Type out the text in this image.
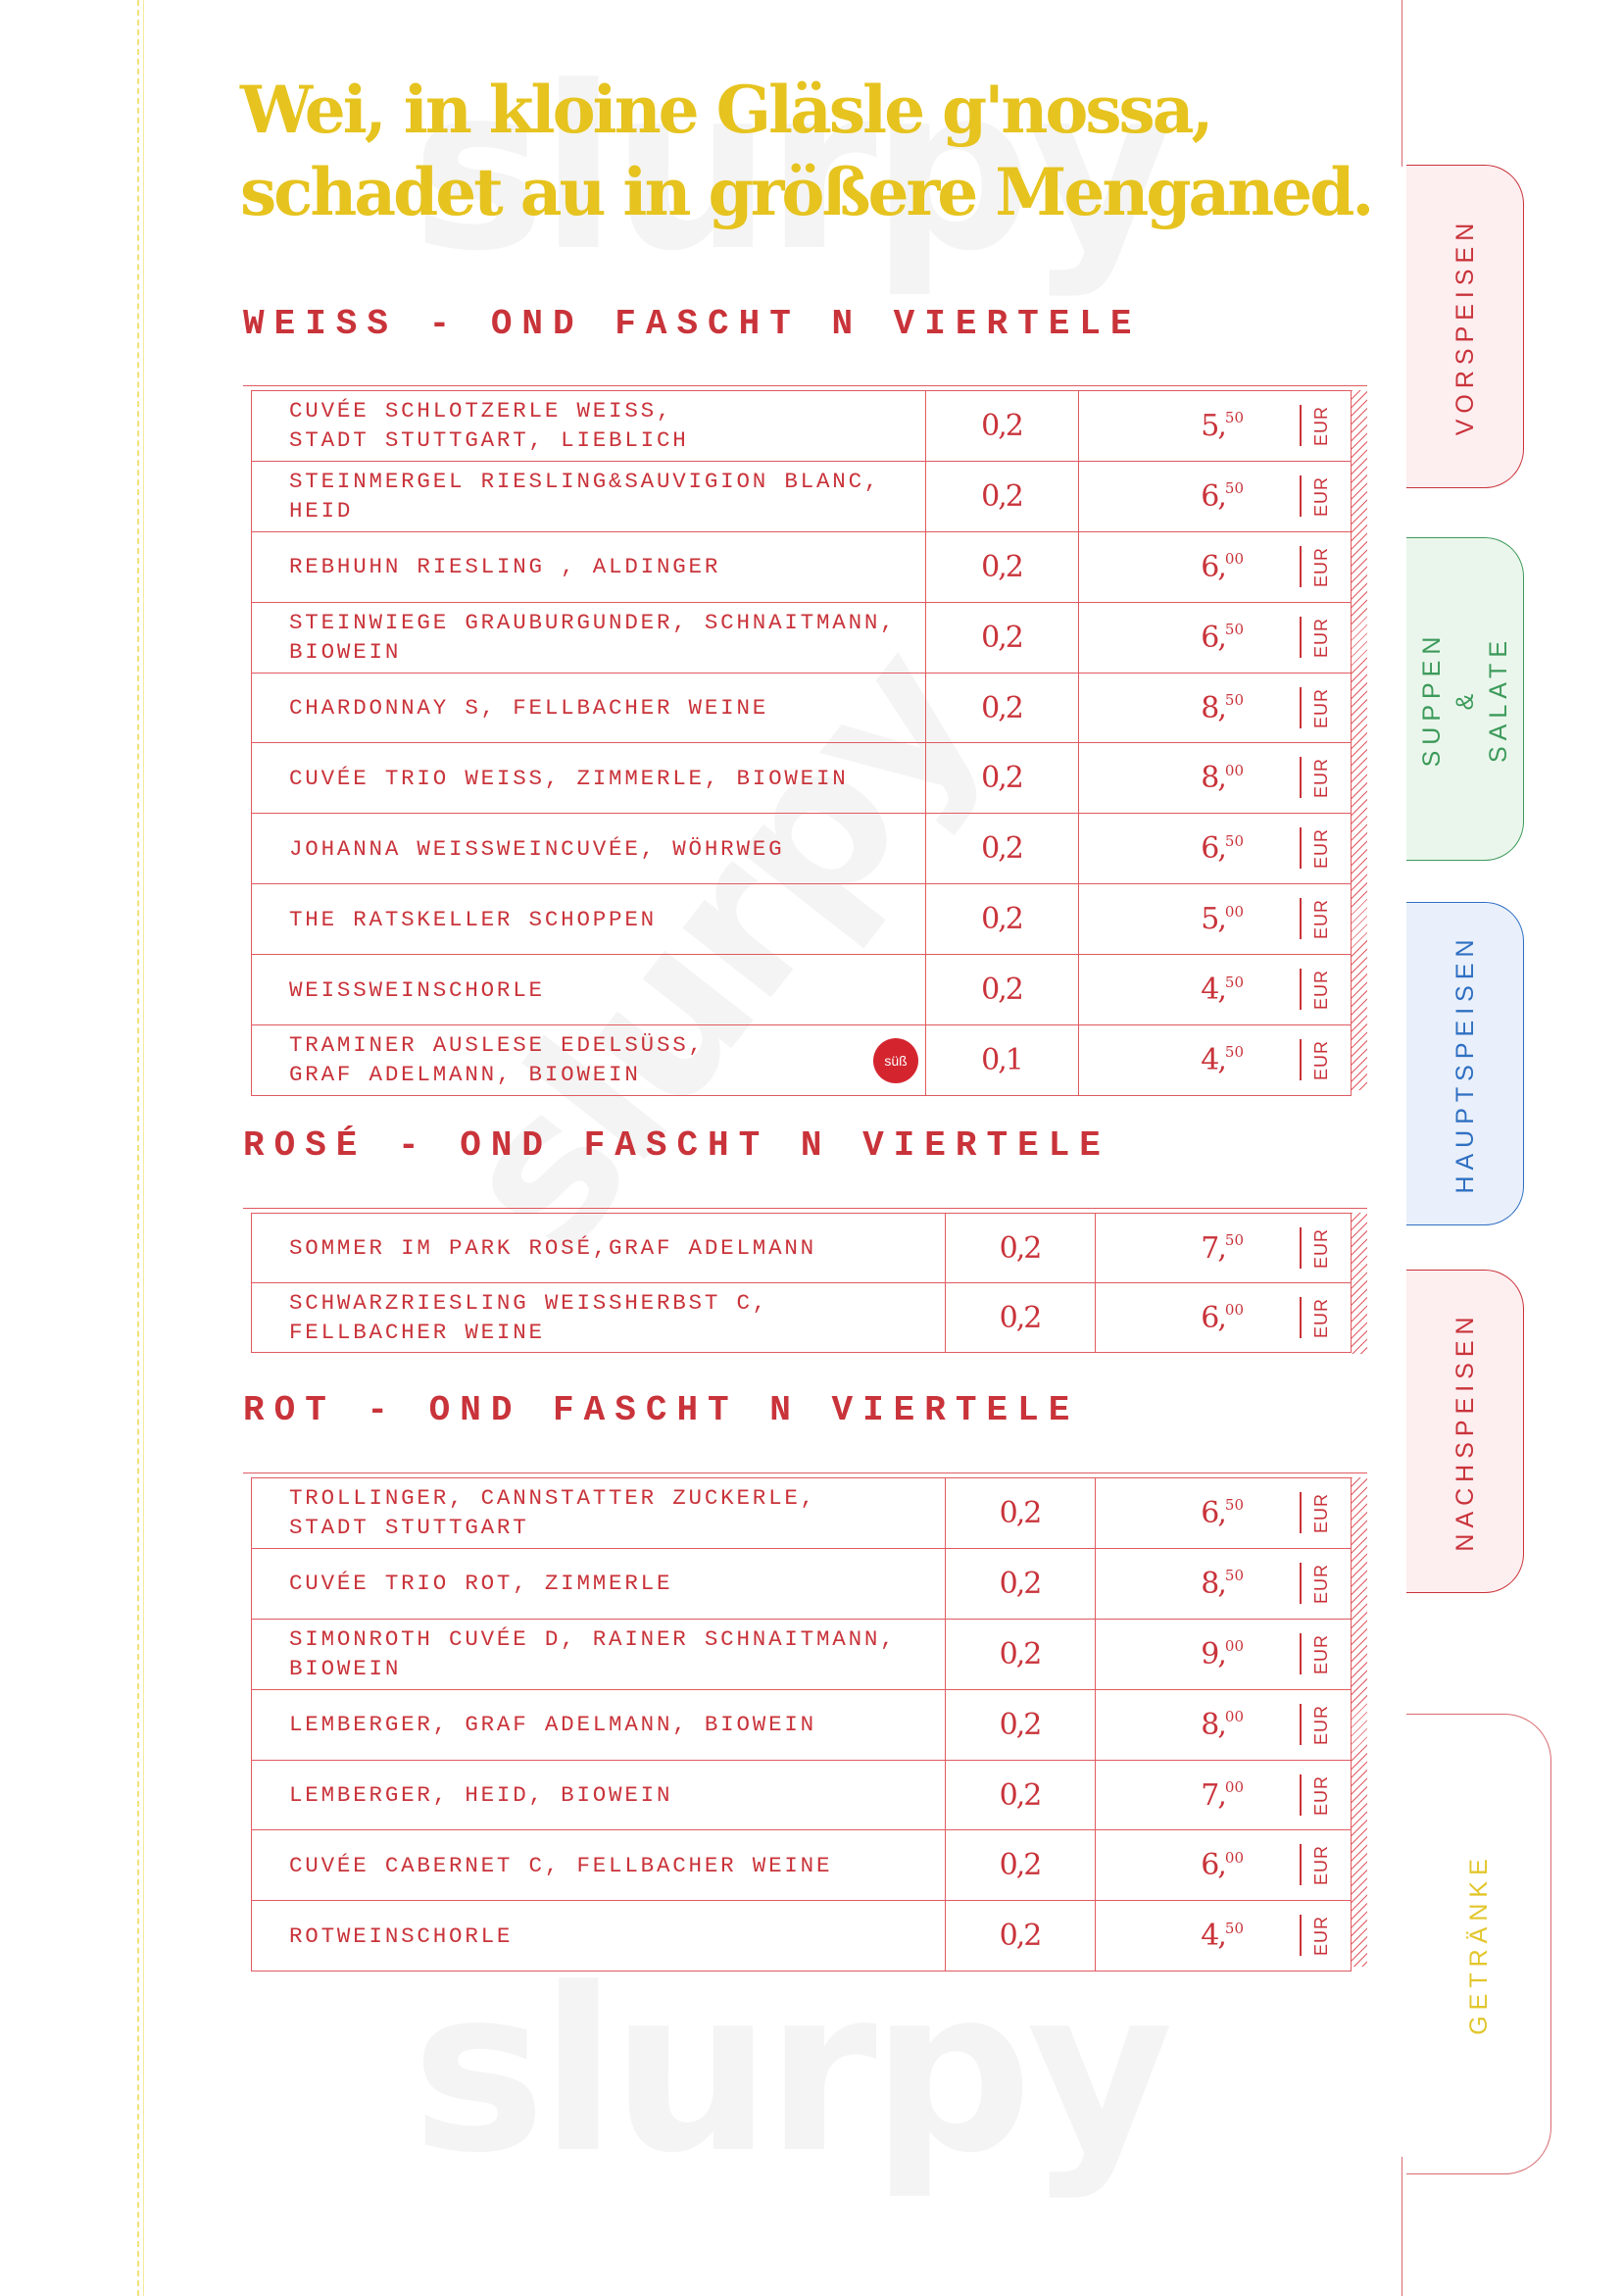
Wei, in kloine Gläsle g'nossa,
schadet au in größere Menganed.
WEISS - OND FASCHT N VIERTELE
CUVÉE SCHLOTZERLE WEISS,
STADT STUTTGART, LIEBLICH	0,2	5, 50	EUR
STEINMERGEL RIESLING&SAUVIGION BLANC,
HEID	0,2	6, 50	EUR
REBHUHN RIESLING , ALDINGER	0,2	6, 00	EUR
STEINWIEGE GRAUBURGUNDER, SCHNAITMANN,
BIOWEIN	0,2	6, 50	EUR
CHARDONNAY S, FELLBACHER WEINE	0,2	8, 50	EUR
CUVÉE TRIO WEISS, ZIMMERLE, BIOWEIN	0,2	8, 00	EUR
JOHANNA WEISSWEINCUVÉE, WÖHRWEG	0,2	6, 50	EUR
THE RATSKELLER SCHOPPEN	0,2	5, 00	EUR
WEISSWEINSCHORLE	0,2	4, 50	EUR
TRAMINER AUSLESE EDELSÜSS,
GRAF ADELMANN, BIOWEIN
süß	0,1	4, 50	EUR
ROSÉ - OND FASCHT N VIERTELE
SOMMER IM PARK ROSÉ,GRAF ADELMANN	0,2	7, 50	EUR
SCHWARZRIESLING WEISSHERBST C,
FELLBACHER WEINE	0,2	6, 00	EUR
ROT - OND FASCHT N VIERTELE
TROLLINGER, CANNSTATTER ZUCKERLE,
STADT STUTTGART	0,2	6, 50	EUR
CUVÉE TRIO ROT, ZIMMERLE	0,2	8, 50	EUR
SIMONROTH CUVÉE D, RAINER SCHNAITMANN,
BIOWEIN	0,2	9, 00	EUR
LEMBERGER, GRAF ADELMANN, BIOWEIN	0,2	8, 00	EUR
LEMBERGER, HEID, BIOWEIN	0,2	7, 00	EUR
CUVÉE CABERNET C, FELLBACHER WEINE	0,2	6, 00	EUR
ROTWEINSCHORLE	0,2	4, 50	EUR
VORSPEISEN
SUPPEN
& SALATE
HAUPTSPEISEN
NACHSPEISEN
GETRÄNKE
